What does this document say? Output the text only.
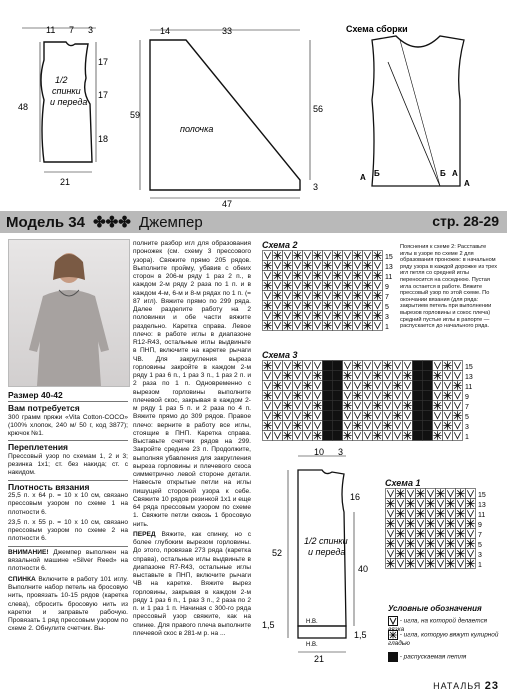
11 7 3
17
17
48
18
21
1/2
спинки
и переда
14	33
59
56
3
47
полочка
Схема сборки
А Б	Б А
А
Модель 34 ✤✤✤ Джемпер	стр. 28-29
Размер 40-42
Вам потребуется

300 грамм пряжи «Vita Cotton-COCO» (100% хлопок, 240 м/ 50 г, код 3877); крючок №1.

Переплетения

Прессовый узор по схемам 1, 2 и 3; резинка 1х1; ст. без накида; ст. с накидом.

Плотность вязания

25,5 п. х 64 р. = 10 х 10 см, связано прессовым узором по схеме 1 на плотности 6.

23,5 п. х 55 р. = 10 х 10 см, связано прессовым узором по схеме 2 на плотности 6.

ВНИМАНИЕ! Джемпер выполнен на вязальной машине «Silver Reed» на плотности 6.

СПИНКА Включите в работу 101 иглу. Выполните набор петель на бросовую нить, провязать 10-15 рядов (каретка слева), сбросить бросовую нить из каретки и заправьте рабочую. Провязать 1 ряд прессовым узором по схеме 2. Обнулите счетчик. Вы-

полните разбор игл для образования проножек (см. схему 3 прессового узора). Свяжите прямо 205 рядов. Выполните пройму, убавив с обеих сторон в 206-м ряду 1 раз 2 п., в каждом 2-м ряду 2 раза по 1 п. и в каждом 4-м, 6-м и 8-м рядах по 1 п. (= 87 игл). Вяжите прямо по 299 ряда. Далее разделите работу на 2 половинки и обе части вяжите раздельно. Каретка справа. Левое плечо: в работе иглы в диапазоне R12-R43, остальные иглы выдвиньте в ПНП, включите на каретке рычаги ЧВ. Для закругления выреза горловины закройте в каждом 2-м ряду 1 раз 6 п., 1 раз 3 п., 1 раз 2 п. и 2 раза по 1 п. Одновременно с вырезом горловины выполните плечевой скос, закрывая в каждом 2-м ряду 1 раз 5 п. и 2 раза по 4 п. Вяжите прямо до 309 рядов. Правое плечо: верните в работу все иглы, стоящие в ПНП. Каретка справа. Выставьте счетчик рядов на 299. Закройте средние 23 п. Продолжите, выполняя убавления для закругления выреза горловины и плечевого скоса симметрично левой стороне детали. Навесьте открытые петли на иглы пишущей стороной узора к себе. Свяжите 10 рядов резинкой 1х1 и еще 64 ряда прессовым узором по схеме 1. Свяжите петли сквозь 1 бросовую нить.

ПЕРЕД Вяжите, как спинку, но с более глубоким вырезом горловины. До этого, провязав 273 ряда (каретка справа), остальные иглы выдвиньте в диапазоне R7-R43, остальные иглы выставьте в ПНП, включите рычаги ЧВ на каретке. Вяжите вырез горловины, закрывая в каждом 2-м ряду 1 раз 6 п., 1 раз 3 п., 2 раза по 2 п. и 1 раз 1 п. Начиная с 300-го ряда прессовый узор свяжите, как на спинке. Для правого плеча выполните плечевой скос в 281-м р. на ...

Схема 2
15
13
11
9
7
5
3
1
Пояснения к схеме 2: Расставьте иглы в узоре по схеме 2 для образования проножек: в начальном ряду узора в каждой дорожке из трех игл петля со средней иглы переносится на соседнюю. Пустая игла остается в работе. Вяжите прессовый узор по этой схеме. По окончании вязания (для ряда: закрытием петель при выполнении вырезов горловины и сокос плеча) средний пустые иглы в рапорте — распускается до начального ряда.
Схема 3
15
13
11
9
7
5
3
1
Схема 1
15
13
11
9
7
5
3
1
10 3
16
52
40
1,5
1,5
21
1/2 спинки
и переда
Н.В.
Н.В.
Условные обозначения
- игла, на которой делается вязка
- игла, которую вяжут кулирной гладью
- распускаемая петля
НАТАЛЬЯ 23
